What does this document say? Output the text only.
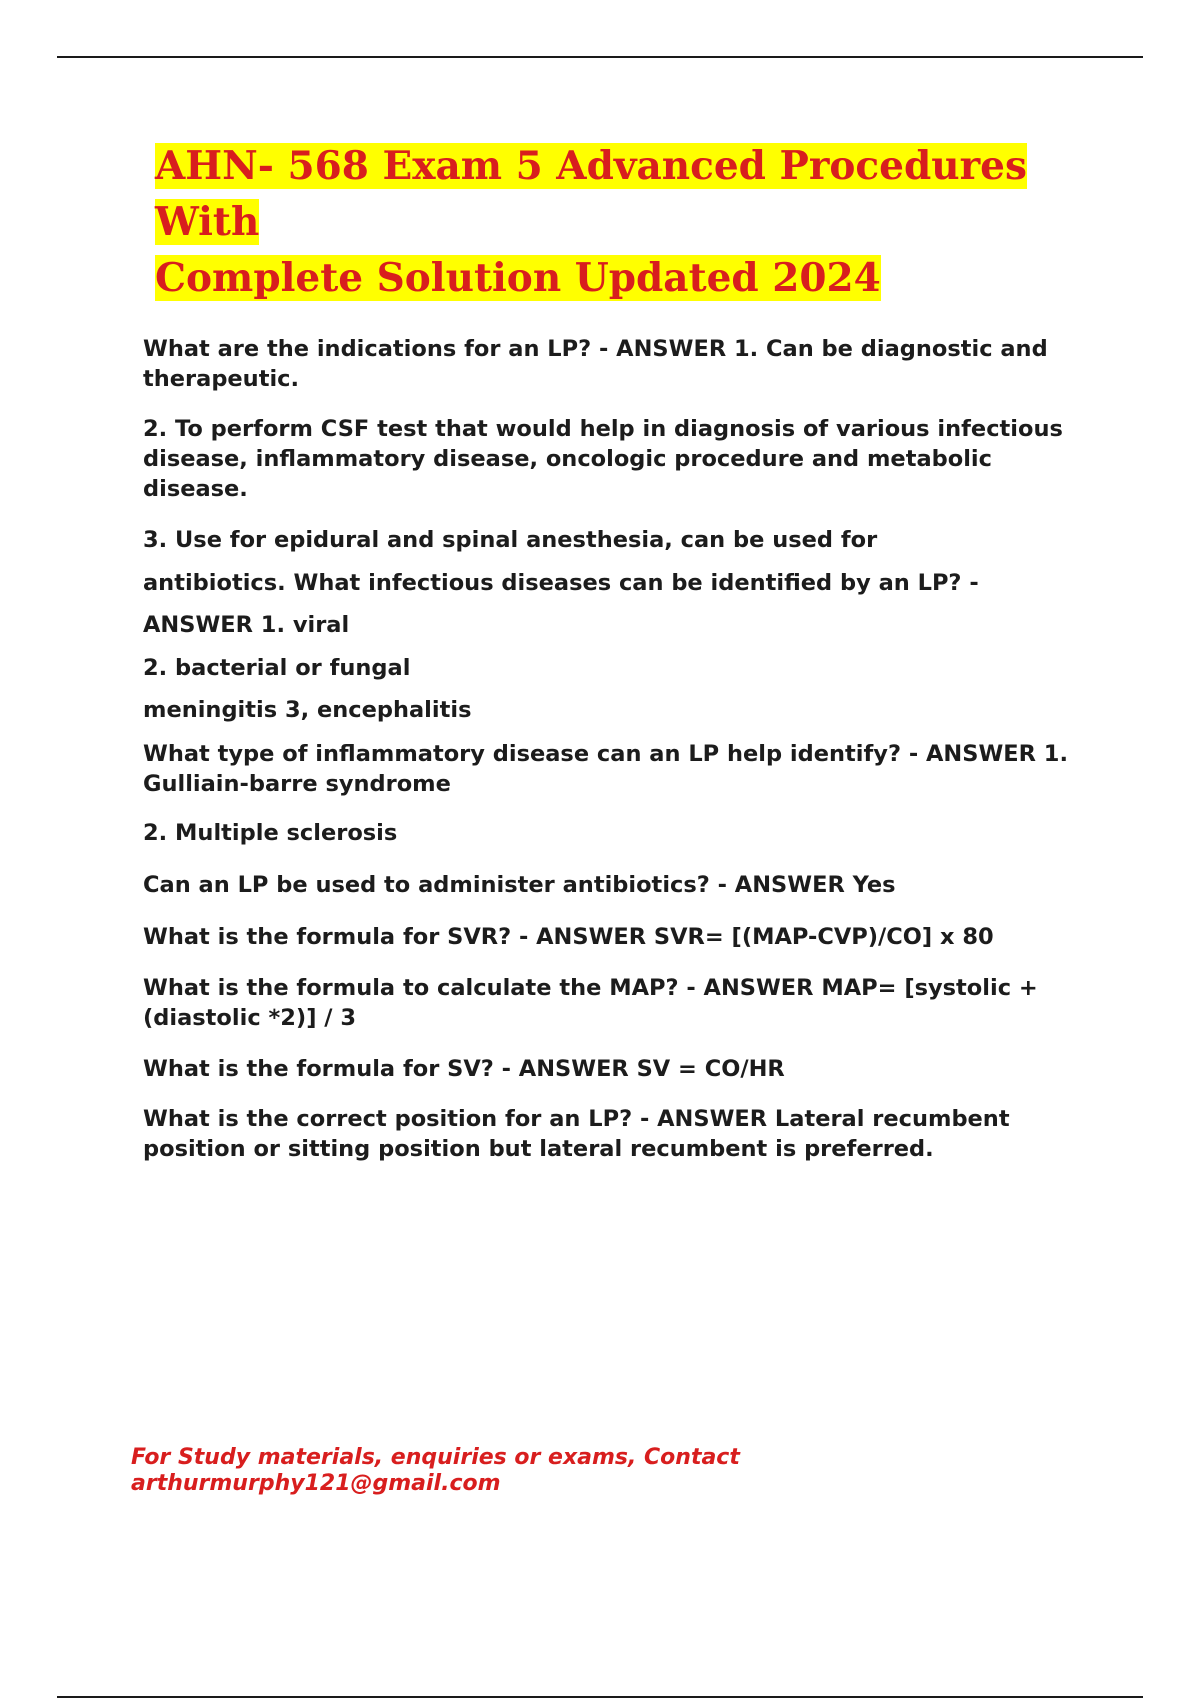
AHN- 568 Exam 5 Advanced Procedures With
Complete Solution Updated 2024

What are the indications for an LP? - ANSWER 1. Can be diagnostic and therapeutic.

2. To perform CSF test that would help in diagnosis of various infectious disease, inflammatory disease, oncologic procedure and metabolic disease.

3. Use for epidural and spinal anesthesia, can be used for

antibiotics. What infectious diseases can be identified by an LP? -

ANSWER 1. viral

2. bacterial or fungal

meningitis 3, encephalitis

What type of inflammatory disease can an LP help identify? - ANSWER 1. Gulliain-barre syndrome

2. Multiple sclerosis

Can an LP be used to administer antibiotics? - ANSWER Yes

What is the formula for SVR? - ANSWER SVR= [(MAP-CVP)/CO] x 80

What is the formula to calculate the MAP? - ANSWER MAP= [systolic + (diastolic *2)] / 3

What is the formula for SV? - ANSWER SV = CO/HR

What is the correct position for an LP? - ANSWER Lateral recumbent position or sitting position but lateral recumbent is preferred.

For Study materials, enquiries or exams, Contact
arthurmurphy121@gmail.com
